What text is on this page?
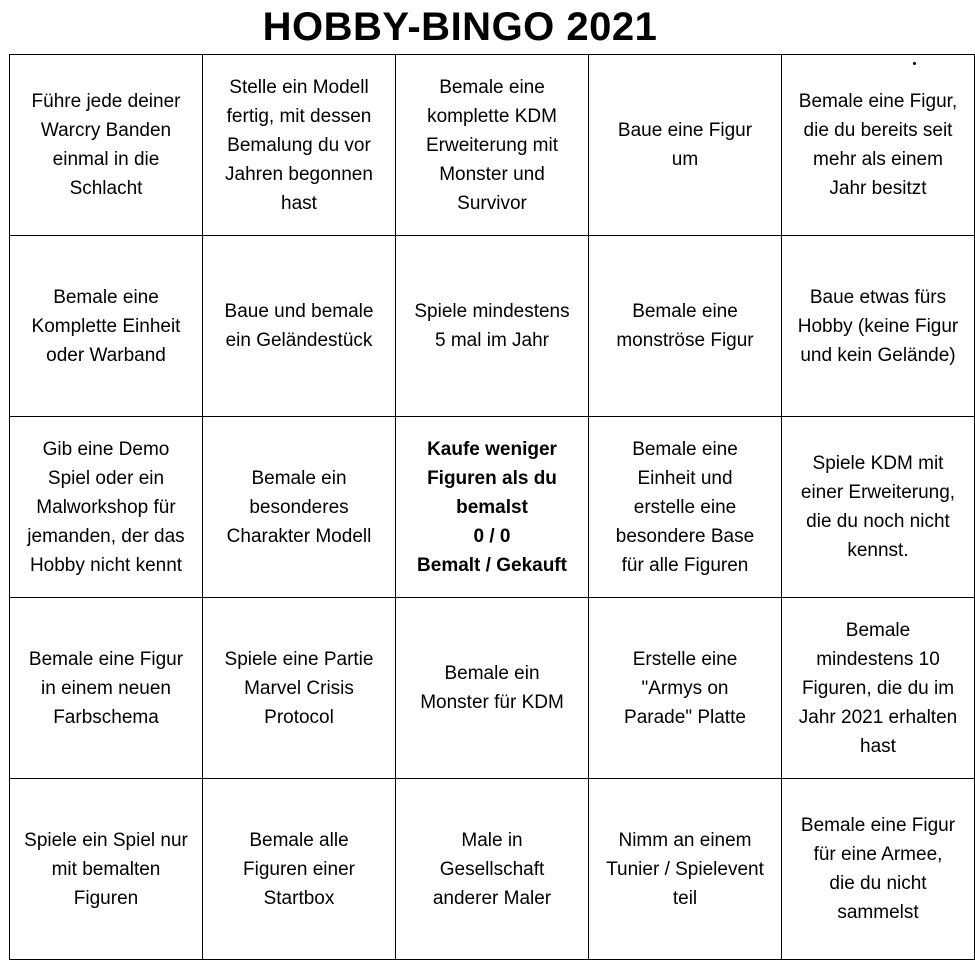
HOBBY-BINGO 2021
Führe jede deiner
Warcry Banden
einmal in die
Schlacht	Stelle ein Modell
fertig, mit dessen
Bemalung du vor
Jahren begonnen
hast	Bemale eine
komplette KDM
Erweiterung mit
Monster und
Survivor	Baue eine Figur
um	Bemale eine Figur,
die du bereits seit
mehr als einem
Jahr besitzt

Bemale eine
Komplette Einheit
oder Warband	Baue und bemale
ein Geländestück	Spiele mindestens
5 mal im Jahr	Bemale eine
monströse Figur	Baue etwas fürs
Hobby (keine Figur
und kein Gelände)

Gib eine Demo
Spiel oder ein
Malworkshop für
jemanden, der das
Hobby nicht kennt	Bemale ein
besonderes
Charakter Modell	Kaufe weniger
Figuren als du
bemalst
0 / 0
Bemalt / Gekauft	Bemale eine
Einheit und
erstelle eine
besondere Base
für alle Figuren	Spiele KDM mit
einer Erweiterung,
die du noch nicht
kennst.

Bemale eine Figur
in einem neuen
Farbschema	Spiele eine Partie
Marvel Crisis
Protocol	Bemale ein
Monster für KDM	Erstelle eine
"Armys on
Parade" Platte	Bemale
mindestens 10
Figuren, die du im
Jahr 2021 erhalten
hast

Spiele ein Spiel nur
mit bemalten
Figuren	Bemale alle
Figuren einer
Startbox	Male in
Gesellschaft
anderer Maler	Nimm an einem
Tunier / Spielevent
teil	Bemale eine Figur
für eine Armee,
die du nicht
sammelst
